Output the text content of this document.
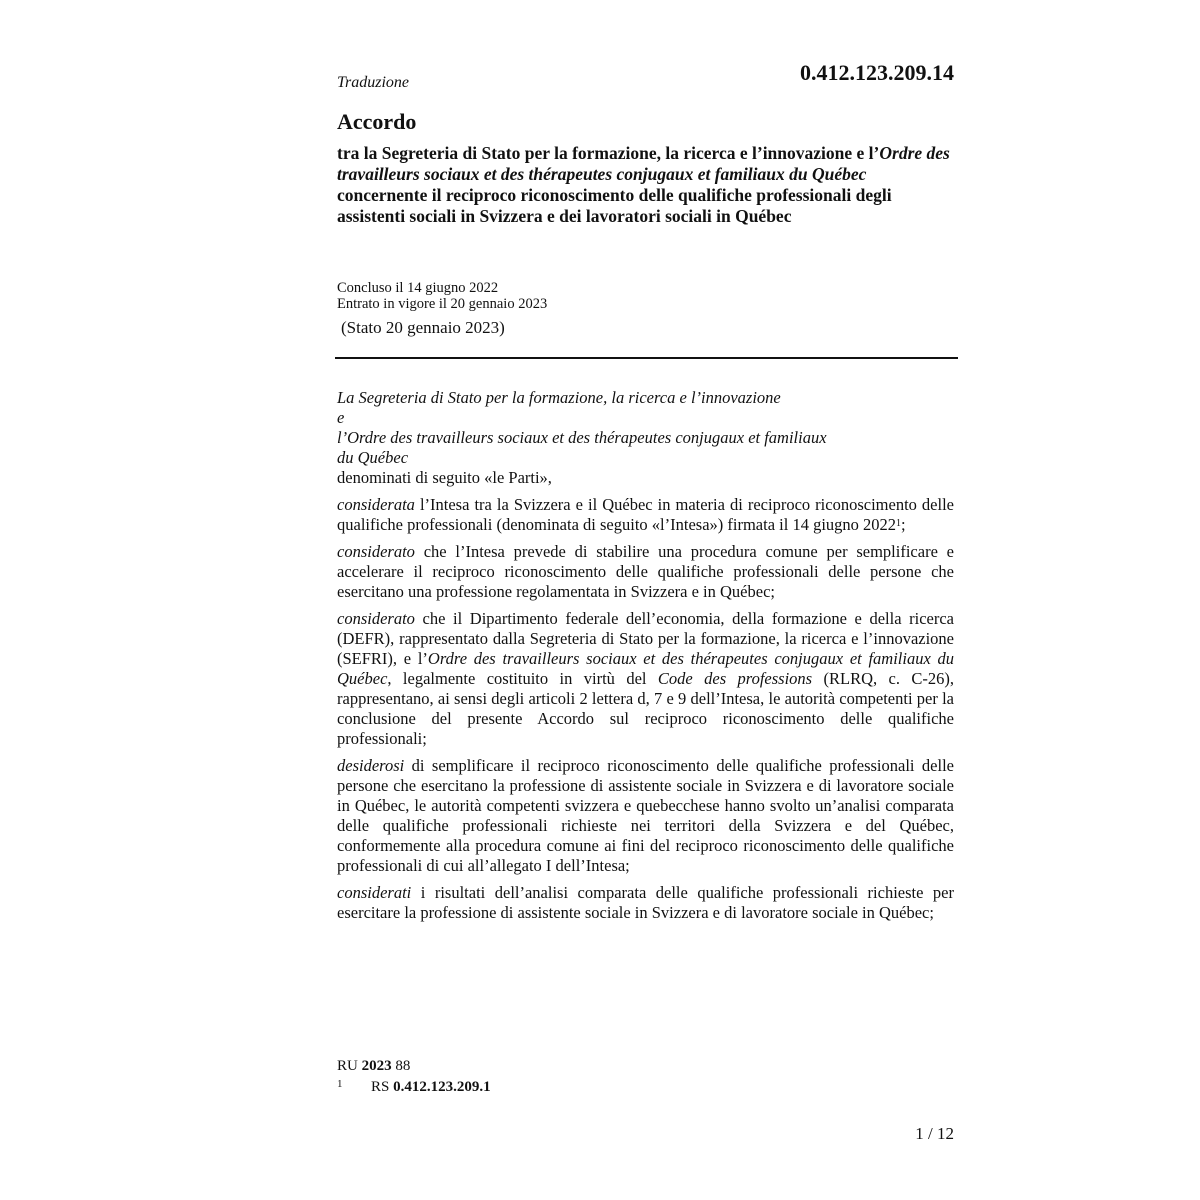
Traduzione	0.412.123.209.14
Accordo
tra la Segreteria di Stato per la formazione, la ricerca e l’innovazione e l’Ordre des travailleurs sociaux et des thérapeutes conjugaux et familiaux du Québec concernente il reciproco riconoscimento delle qualifiche professionali degli assistenti sociali in Svizzera e dei lavoratori sociali in Québec
Concluso il 14 giugno 2022
Entrato in vigore il 20 gennaio 2023
(Stato 20 gennaio 2023)

La Segreteria di Stato per la formazione, la ricerca e l’innovazione

e

l’Ordre des travailleurs sociaux et des thérapeutes conjugaux et familiaux

du Québec

denominati di seguito «le Parti»,

considerata l’Intesa tra la Svizzera e il Québec in materia di reciproco riconoscimento delle qualifiche professionali (denominata di seguito «l’Intesa») firmata il 14 giugno 2022$^1$;

considerato che l’Intesa prevede di stabilire una procedura comune per semplificare e accelerare il reciproco riconoscimento delle qualifiche professionali delle persone che esercitano una professione regolamentata in Svizzera e in Québec;

considerato che il Dipartimento federale dell’economia, della formazione e della ricerca (DEFR), rappresentato dalla Segreteria di Stato per la formazione, la ricerca e l’innovazione (SEFRI), e l’Ordre des travailleurs sociaux et des thérapeutes conjugaux et familiaux du Québec, legalmente costituito in virtù del Code des professions (RLRQ, c. C-26), rappresentano, ai sensi degli articoli 2 lettera d, 7 e 9 dell’Intesa, le autorità competenti per la conclusione del presente Accordo sul reciproco riconoscimento delle qualifiche professionali;

desiderosi di semplificare il reciproco riconoscimento delle qualifiche professionali delle persone che esercitano la professione di assistente sociale in Svizzera e di lavoratore sociale in Québec, le autorità competenti svizzera e quebecchese hanno svolto un’analisi comparata delle qualifiche professionali richieste nei territori della Svizzera e del Québec, conformemente alla procedura comune ai fini del reciproco riconoscimento delle qualifiche professionali di cui all’allegato I dell’Intesa;

considerati i risultati dell’analisi comparata delle qualifiche professionali richieste per esercitare la professione di assistente sociale in Svizzera e di lavoratore sociale in Québec;

RU 2023 88
1 RS 0.412.123.209.1
1 / 12
